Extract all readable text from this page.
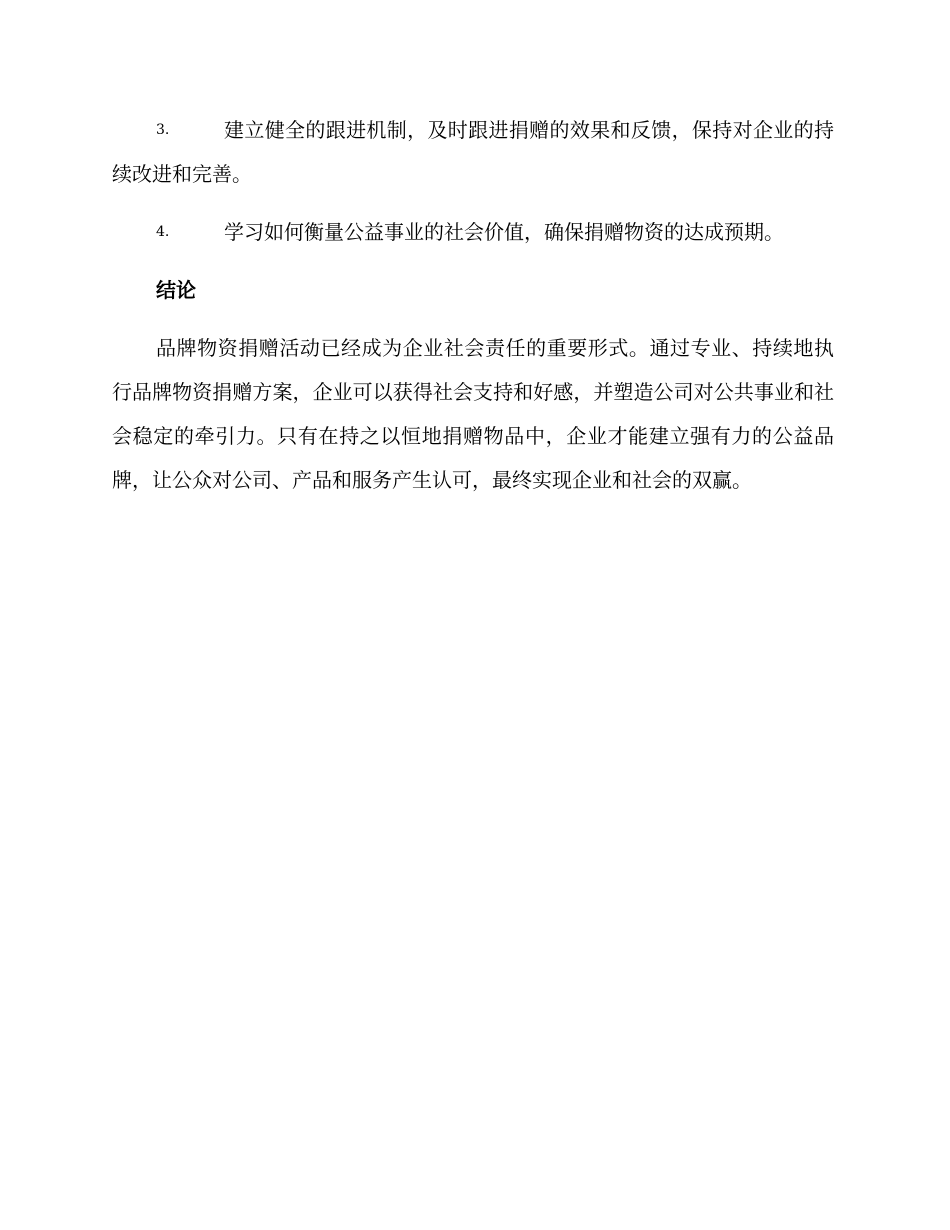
3.	建立健全的跟进机制，及时跟进捐赠的效果和反馈，保持对企业的持续改进和完善。
4.	学习如何衡量公益事业的社会价值，确保捐赠物资的达成预期。
结论

品牌物资捐赠活动已经成为企业社会责任的重要形式。通过专业、持续地执行品牌物资捐赠方案，企业可以获得社会支持和好感，并塑造公司对公共事业和社会稳定的牵引力。只有在持之以恒地捐赠物品中，企业才能建立强有力的公益品牌，让公众对公司、产品和服务产生认可，最终实现企业和社会的双赢。
